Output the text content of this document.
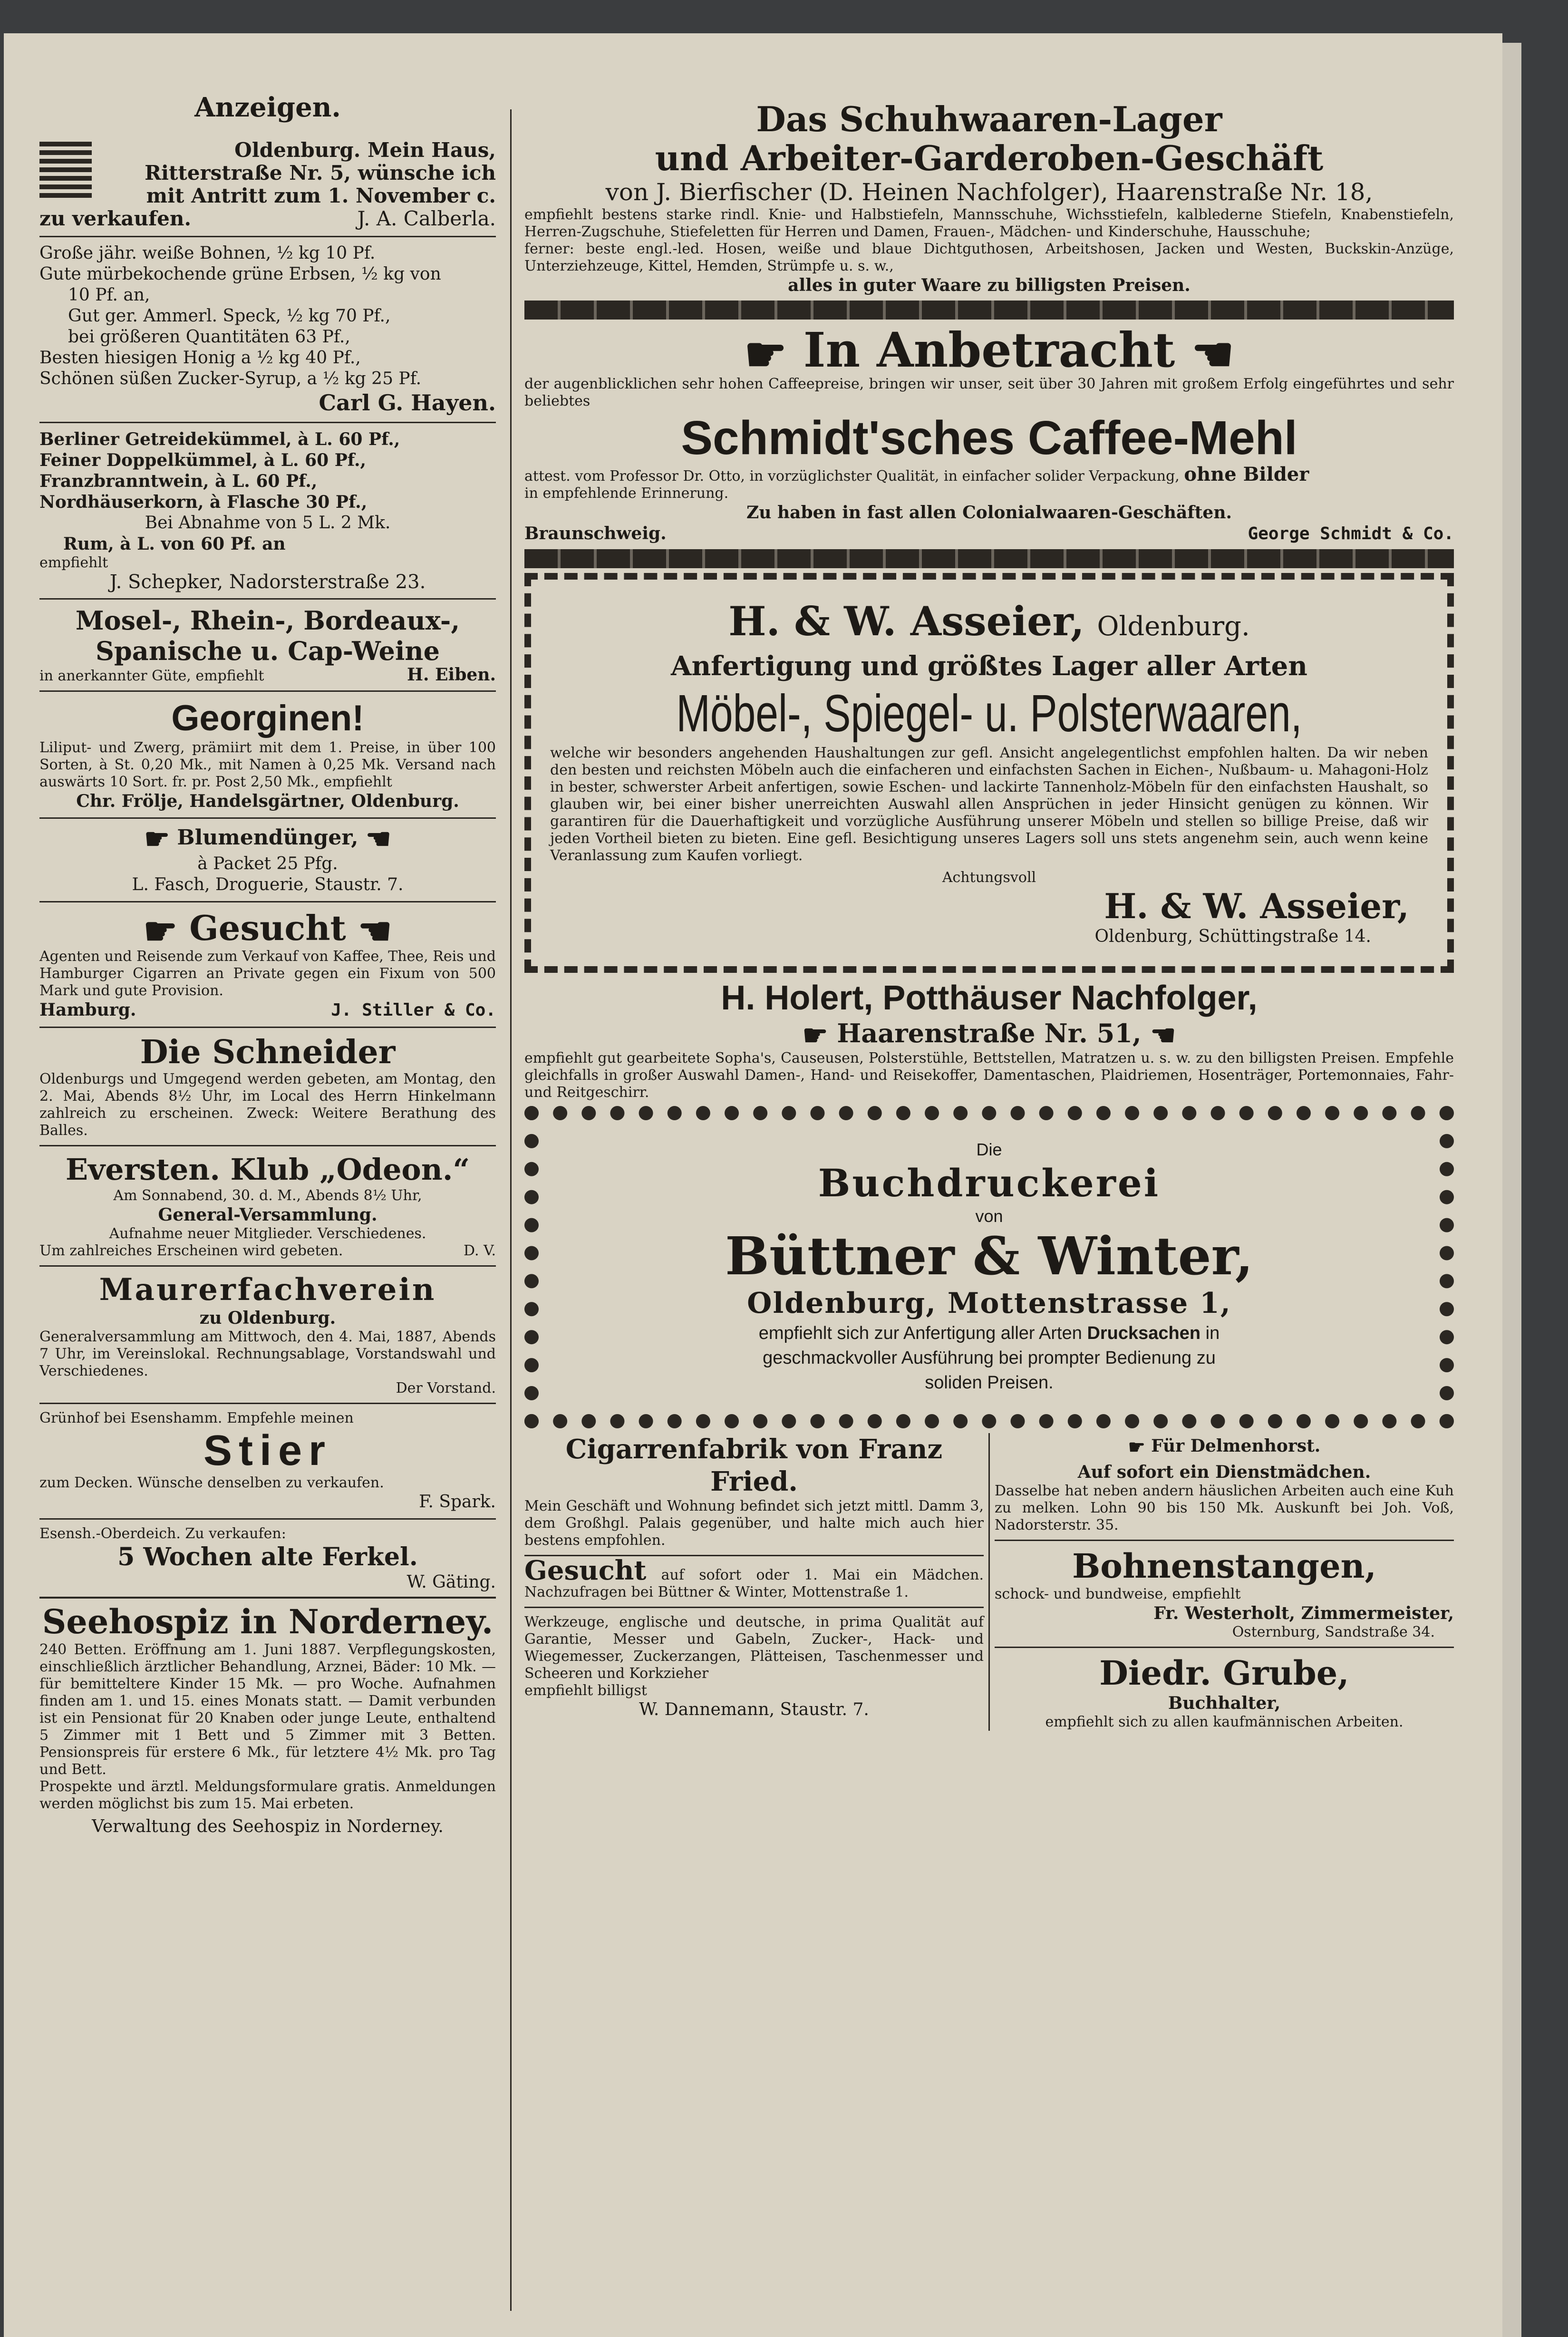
Anzeigen.
Oldenburg. Mein Haus,
Ritterstraße Nr. 5, wünsche ich
mit Antritt zum 1. November c.
zu verkaufen.	J. A. Calberla.
Große jähr. weiße Bohnen, ½ kg 10 Pf.
Gute mürbekochende grüne Erbsen, ½ kg von
10 Pf. an,
Gut ger. Ammerl. Speck, ½ kg 70 Pf.,
bei größeren Quantitäten 63 Pf.,
Besten hiesigen Honig a ½ kg 40 Pf.,
Schönen süßen Zucker-Syrup, a ½ kg 25 Pf.
Carl G. Hayen.
Berliner Getreidekümmel, à L. 60 Pf.,
Feiner Doppelkümmel, à L. 60 Pf.,
Franzbranntwein, à L. 60 Pf.,
Nordhäuserkorn, à Flasche 30 Pf.,
Bei Abnahme von 5 L. 2 Mk.
Rum, à L. von 60 Pf. an
empfiehlt
J. Schepker, Nadorsterstraße 23.
Mosel-, Rhein-, Bordeaux-,
Spanische u. Cap-Weine
in anerkannter Güte, empfiehlt	H. Eiben.
Georginen!
Liliput- und Zwerg, prämiirt mit dem 1. Preise, in über 100 Sorten, à St. 0,20 Mk., mit Namen à 0,25 Mk. Versand nach auswärts 10 Sort. fr. pr. Post 2,50 Mk., empfiehlt
Chr. Frölje, Handelsgärtner, Oldenburg.
☛ Blumendünger, ☚
à Packet 25 Pfg.
L. Fasch, Droguerie, Staustr. 7.
☛ Gesucht ☚
Agenten und Reisende zum Verkauf von Kaffee, Thee, Reis und Hamburger Cigarren an Private gegen ein Fixum von 500 Mark und gute Provision.
Hamburg.	J. Stiller & Co.
Die Schneider
Oldenburgs und Umgegend werden gebeten, am Montag, den 2. Mai, Abends 8½ Uhr, im Local des Herrn Hinkelmann zahlreich zu erscheinen. Zweck: Weitere Berathung des Balles.
Eversten. Klub „Odeon.“
Am Sonnabend, 30. d. M., Abends 8½ Uhr,
General-Versammlung.
Aufnahme neuer Mitglieder. Verschiedenes.
Um zahlreiches Erscheinen wird gebeten.	D. V.
Maurerfachverein
zu Oldenburg.
Generalversammlung am Mittwoch, den 4. Mai, 1887, Abends 7 Uhr, im Vereinslokal. Rechnungsablage, Vorstandswahl und Verschiedenes.
Der Vorstand.
Grünhof bei Esenshamm. Empfehle meinen
Stier
zum Decken. Wünsche denselben zu verkaufen.
F. Spark.
Esensh.-Oberdeich. Zu verkaufen:
5 Wochen alte Ferkel.
W. Gäting.
Seehospiz in Norderney.
240 Betten. Eröffnung am 1. Juni 1887. Verpflegungskosten, einschließlich ärztlicher Behandlung, Arznei, Bäder: 10 Mk. — für bemitteltere Kinder 15 Mk. — pro Woche. Aufnahmen finden am 1. und 15. eines Monats statt. — Damit verbunden ist ein Pensionat für 20 Knaben oder junge Leute, enthaltend 5 Zimmer mit 1 Bett und 5 Zimmer mit 3 Betten. Pensionspreis für erstere 6 Mk., für letztere 4½ Mk. pro Tag und Bett.
Prospekte und ärztl. Meldungsformulare gratis. Anmeldungen werden möglichst bis zum 15. Mai erbeten.
Verwaltung des Seehospiz in Norderney.
Das Schuhwaaren-Lager
und Arbeiter-Garderoben-Geschäft
von J. Bierfischer (D. Heinen Nachfolger), Haarenstraße Nr. 18,
empfiehlt bestens starke rindl. Knie- und Halbstiefeln, Mannsschuhe, Wichsstiefeln, kalblederne Stiefeln, Knabenstiefeln, Herren-Zugschuhe, Stiefeletten für Herren und Damen, Frauen-, Mädchen- und Kinderschuhe, Hausschuhe;
ferner: beste engl.-led. Hosen, weiße und blaue Dichtguthosen, Arbeitshosen, Jacken und Westen, Buckskin-Anzüge, Unterziehzeuge, Kittel, Hemden, Strümpfe u. s. w.,
alles in guter Waare zu billigsten Preisen.
☛ In Anbetracht ☚
der augenblicklichen sehr hohen Caffeepreise, bringen wir unser, seit über 30 Jahren mit großem Erfolg eingeführtes und sehr beliebtes
Schmidt'sches Caffee-Mehl
attest. vom Professor Dr. Otto, in vorzüglichster Qualität, in einfacher solider Verpackung, ohne Bilder
in empfehlende Erinnerung.
Zu haben in fast allen Colonialwaaren-Geschäften.
Braunschweig.	George Schmidt & Co.
H. & W. Asseier, Oldenburg.
Anfertigung und größtes Lager aller Arten
Möbel-, Spiegel- u. Polsterwaaren,
welche wir besonders angehenden Haushaltungen zur gefl. Ansicht angelegentlichst empfohlen halten. Da wir neben den besten und reichsten Möbeln auch die einfacheren und einfachsten Sachen in Eichen-, Nußbaum- u. Mahagoni-Holz in bester, schwerster Arbeit anfertigen, sowie Eschen- und lackirte Tannenholz-Möbeln für den einfachsten Haushalt, so glauben wir, bei einer bisher unerreichten Auswahl allen Ansprüchen in jeder Hinsicht genügen zu können. Wir garantiren für die Dauerhaftigkeit und vorzügliche Ausführung unserer Möbeln und stellen so billige Preise, daß wir jeden Vortheil bieten zu bieten. Eine gefl. Besichtigung unseres Lagers soll uns stets angenehm sein, auch wenn keine Veranlassung zum Kaufen vorliegt.
Achtungsvoll
H. & W. Asseier,
Oldenburg, Schüttingstraße 14.
H. Holert, Potthäuser Nachfolger,
☛ Haarenstraße Nr. 51, ☚
empfiehlt gut gearbeitete Sopha's, Causeusen, Polsterstühle, Bettstellen, Matratzen u. s. w. zu den billigsten Preisen. Empfehle gleichfalls in großer Auswahl Damen-, Hand- und Reisekoffer, Damentaschen, Plaidriemen, Hosenträger, Portemonnaies, Fahr- und Reitgeschirr.
Die
Buchdruckerei
von
Büttner & Winter,
Oldenburg, Mottenstrasse 1,
empfiehlt sich zur Anfertigung aller Arten Drucksachen in
geschmackvoller Ausführung bei prompter Bedienung zu
soliden Preisen.
Cigarrenfabrik von Franz Fried.
Mein Geschäft und Wohnung befindet sich jetzt mittl. Damm 3, dem Großhgl. Palais gegenüber, und halte mich auch hier bestens empfohlen.
Gesucht auf sofort oder 1. Mai ein Mädchen. Nachzufragen bei Büttner & Winter, Mottenstraße 1.
Werkzeuge, englische und deutsche, in prima Qualität auf Garantie, Messer und Gabeln, Zucker-, Hack- und Wiegemesser, Zuckerzangen, Plätteisen, Taschenmesser und Scheeren und Korkzieher
empfiehlt billigst
W. Dannemann, Staustr. 7.
☛ Für Delmenhorst.
Auf sofort ein Dienstmädchen.
Dasselbe hat neben andern häuslichen Arbeiten auch eine Kuh zu melken. Lohn 90 bis 150 Mk. Auskunft bei Joh. Voß, Nadorsterstr. 35.
Bohnenstangen,
schock- und bundweise, empfiehlt
Fr. Westerholt, Zimmermeister,
Osternburg, Sandstraße 34.
Diedr. Grube,
Buchhalter,
empfiehlt sich zu allen kaufmännischen Arbeiten.
